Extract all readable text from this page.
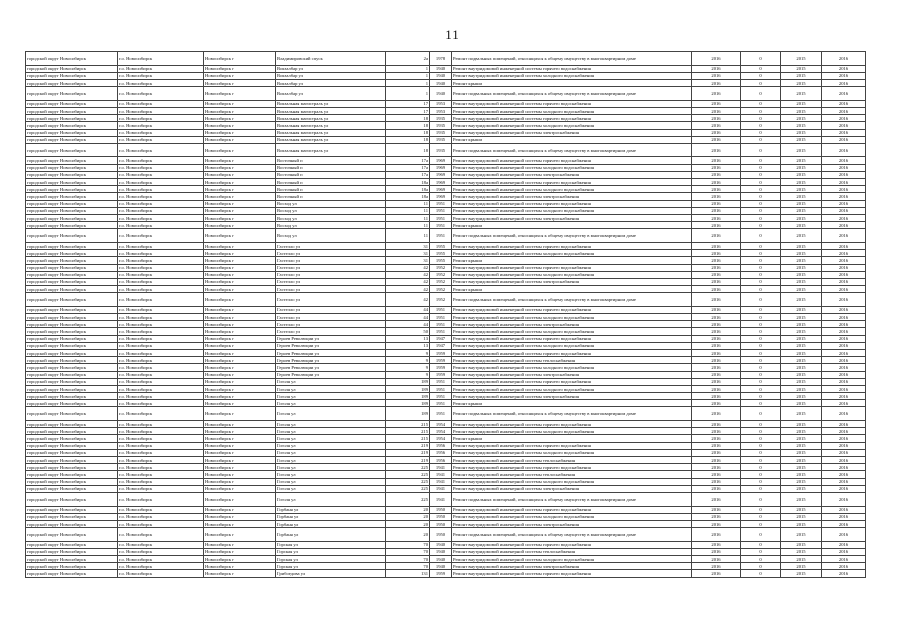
11
городской округ Новосибирск	г.о. Новосибирск	Новосибирск г	Владимировский спуск	2a	1978	Ремонт подвальных помещений, относящихся к общему имуществу в многоквартирном доме	2016	0	2015	2016
городской округ Новосибирск	г.о. Новосибирск	Новосибирск г	Вокзалбар ул	1	1940	Ремонт внутридомовой инженерной системы горячего водоснабжения	2016	0	2015	2016
городской округ Новосибирск	г.о. Новосибирск	Новосибирск г	Вокзалбар ул	1	1940	Ремонт внутридомовой инженерной системы холодного водоснабжения	2016	0	2015	2016
городской округ Новосибирск	г.о. Новосибирск	Новосибирск г	Вокзалбар ул	1	1940	Ремонт крыши	2016	0	2015	2016
городской округ Новосибирск	г.о. Новосибирск	Новосибирск г	Вокзалбар ул	1	1940	Ремонт подвальных помещений, относящихся к общему имуществу в многоквартирном доме	2016	0	2015	2016
городской округ Новосибирск	г.о. Новосибирск	Новосибирск г	Вокзальная магистраль ул	17	1953	Ремонт внутридомовой инженерной системы горячего водоснабжения	2016	0	2015	2016
городской округ Новосибирск	г.о. Новосибирск	Новосибирск г	Вокзальная магистраль ул	17	1953	Ремонт внутридомовой инженерной системы холодного водоснабжения	2016	0	2015	2016
городской округ Новосибирск	г.о. Новосибирск	Новосибирск г	Вокзальная магистраль ул	18	1935	Ремонт внутридомовой инженерной системы горячего водоснабжения	2016	0	2015	2016
городской округ Новосибирск	г.о. Новосибирск	Новосибирск г	Вокзальная магистраль ул	18	1935	Ремонт внутридомовой инженерной системы холодного водоснабжения	2016	0	2015	2016
городской округ Новосибирск	г.о. Новосибирск	Новосибирск г	Вокзальная магистраль ул	18	1935	Ремонт внутридомовой инженерной системы электроснабжения	2016	0	2015	2016
городской округ Новосибирск	г.о. Новосибирск	Новосибирск г	Вокзальная магистраль ул	18	1935	Ремонт крыши	2016	0	2015	2016
городской округ Новосибирск	г.о. Новосибирск	Новосибирск г	Вокзальная магистраль ул	18	1935	Ремонт подвальных помещений, относящихся к общему имуществу в многоквартирном доме	2016	0	2015	2016
городской округ Новосибирск	г.о. Новосибирск	Новосибирск г	Восточный п	17а	1969	Ремонт внутридомовой инженерной системы горячего водоснабжения	2016	0	2015	2016
городской округ Новосибирск	г.о. Новосибирск	Новосибирск г	Восточный п	17а	1969	Ремонт внутридомовой инженерной системы холодного водоснабжения	2016	0	2015	2016
городской округ Новосибирск	г.о. Новосибирск	Новосибирск г	Восточный п	17а	1969	Ремонт внутридомовой инженерной системы электроснабжения	2016	0	2015	2016
городской округ Новосибирск	г.о. Новосибирск	Новосибирск г	Восточный п	18а	1969	Ремонт внутридомовой инженерной системы горячего водоснабжения	2016	0	2015	2016
городской округ Новосибирск	г.о. Новосибирск	Новосибирск г	Восточный п	18а	1969	Ремонт внутридомовой инженерной системы холодного водоснабжения	2016	0	2015	2016
городской округ Новосибирск	г.о. Новосибирск	Новосибирск г	Восточный п	18а	1969	Ремонт внутридомовой инженерной системы электроснабжения	2016	0	2015	2016
городской округ Новосибирск	г.о. Новосибирск	Новосибирск г	Восход ул	11	1951	Ремонт внутридомовой инженерной системы горячего водоснабжения	2016	0	2015	2016
городской округ Новосибирск	г.о. Новосибирск	Новосибирск г	Восход ул	11	1951	Ремонт внутридомовой инженерной системы холодного водоснабжения	2016	0	2015	2016
городской округ Новосибирск	г.о. Новосибирск	Новосибирск г	Восход ул	11	1951	Ремонт внутридомовой инженерной системы электроснабжения	2016	0	2015	2016
городской округ Новосибирск	г.о. Новосибирск	Новосибирск г	Восход ул	11	1951	Ремонт крыши	2016	0	2015	2016
городской округ Новосибирск	г.о. Новосибирск	Новосибирск г	Восход ул	11	1951	Ремонт подвальных помещений, относящихся к общему имуществу в многоквартирном доме	2016	0	2015	2016
городской округ Новосибирск	г.о. Новосибирск	Новосибирск г	Гастелло ул	31	1955	Ремонт внутридомовой инженерной системы горячего водоснабжения	2016	0	2015	2016
городской округ Новосибирск	г.о. Новосибирск	Новосибирск г	Гастелло ул	31	1955	Ремонт внутридомовой инженерной системы холодного водоснабжения	2016	0	2015	2016
городской округ Новосибирск	г.о. Новосибирск	Новосибирск г	Гастелло ул	31	1955	Ремонт крыши	2016	0	2015	2016
городской округ Новосибирск	г.о. Новосибирск	Новосибирск г	Гастелло ул	42	1952	Ремонт внутридомовой инженерной системы горячего водоснабжения	2016	0	2015	2016
городской округ Новосибирск	г.о. Новосибирск	Новосибирск г	Гастелло ул	42	1952	Ремонт внутридомовой инженерной системы холодного водоснабжения	2016	0	2015	2016
городской округ Новосибирск	г.о. Новосибирск	Новосибирск г	Гастелло ул	42	1952	Ремонт внутридомовой инженерной системы электроснабжения	2016	0	2015	2016
городской округ Новосибирск	г.о. Новосибирск	Новосибирск г	Гастелло ул	42	1952	Ремонт крыши	2016	0	2015	2016
городской округ Новосибирск	г.о. Новосибирск	Новосибирск г	Гастелло ул	42	1952	Ремонт подвальных помещений, относящихся к общему имуществу в многоквартирном доме	2016	0	2015	2016
городской округ Новосибирск	г.о. Новосибирск	Новосибирск г	Гастелло ул	44	1951	Ремонт внутридомовой инженерной системы горячего водоснабжения	2016	0	2015	2016
городской округ Новосибирск	г.о. Новосибирск	Новосибирск г	Гастелло ул	44	1951	Ремонт внутридомовой инженерной системы холодного водоснабжения	2016	0	2015	2016
городской округ Новосибирск	г.о. Новосибирск	Новосибирск г	Гастелло ул	44	1951	Ремонт внутридомовой инженерной системы электроснабжения	2016	0	2015	2016
городской округ Новосибирск	г.о. Новосибирск	Новосибирск г	Гастелло ул	50	1951	Ремонт внутридомовой инженерной системы холодного водоснабжения	2016	0	2015	2016
городской округ Новосибирск	г.о. Новосибирск	Новосибирск г	Героев Революции ул	13	1947	Ремонт внутридомовой инженерной системы горячего водоснабжения	2016	0	2015	2016
городской округ Новосибирск	г.о. Новосибирск	Новосибирск г	Героев Революции ул	13	1947	Ремонт внутридомовой инженерной системы холодного водоснабжения	2016	0	2015	2016
городской округ Новосибирск	г.о. Новосибирск	Новосибирск г	Героев Революции ул	9	1959	Ремонт внутридомовой инженерной системы горячего водоснабжения	2016	0	2015	2016
городской округ Новосибирск	г.о. Новосибирск	Новосибирск г	Героев Революции ул	9	1959	Ремонт внутридомовой инженерной системы теплоснабжения	2016	0	2015	2016
городской округ Новосибирск	г.о. Новосибирск	Новосибирск г	Героев Революции ул	9	1959	Ремонт внутридомовой инженерной системы холодного водоснабжения	2016	0	2015	2016
городской округ Новосибирск	г.о. Новосибирск	Новосибирск г	Героев Революции ул	9	1959	Ремонт внутридомовой инженерной системы электроснабжения	2016	0	2015	2016
городской округ Новосибирск	г.о. Новосибирск	Новосибирск г	Гоголя ул	189	1951	Ремонт внутридомовой инженерной системы горячего водоснабжения	2016	0	2015	2016
городской округ Новосибирск	г.о. Новосибирск	Новосибирск г	Гоголя ул	189	1951	Ремонт внутридомовой инженерной системы холодного водоснабжения	2016	0	2015	2016
городской округ Новосибирск	г.о. Новосибирск	Новосибирск г	Гоголя ул	189	1951	Ремонт внутридомовой инженерной системы электроснабжения	2016	0	2015	2016
городской округ Новосибирск	г.о. Новосибирск	Новосибирск г	Гоголя ул	189	1951	Ремонт крыши	2016	0	2015	2016
городской округ Новосибирск	г.о. Новосибирск	Новосибирск г	Гоголя ул	189	1951	Ремонт подвальных помещений, относящихся к общему имуществу в многоквартирном доме	2016	0	2015	2016
городской округ Новосибирск	г.о. Новосибирск	Новосибирск г	Гоголя ул	215	1954	Ремонт внутридомовой инженерной системы горячего водоснабжения	2016	0	2015	2016
городской округ Новосибирск	г.о. Новосибирск	Новосибирск г	Гоголя ул	215	1954	Ремонт внутридомовой инженерной системы холодного водоснабжения	2016	0	2015	2016
городской округ Новосибирск	г.о. Новосибирск	Новосибирск г	Гоголя ул	215	1954	Ремонт крыши	2016	0	2015	2016
городской округ Новосибирск	г.о. Новосибирск	Новосибирск г	Гоголя ул	219	1956	Ремонт внутридомовой инженерной системы горячего водоснабжения	2016	0	2015	2016
городской округ Новосибирск	г.о. Новосибирск	Новосибирск г	Гоголя ул	219	1956	Ремонт внутридомовой инженерной системы холодного водоснабжения	2016	0	2015	2016
городской округ Новосибирск	г.о. Новосибирск	Новосибирск г	Гоголя ул	219	1956	Ремонт внутридомовой инженерной системы теплоснабжения	2016	0	2015	2016
городской округ Новосибирск	г.о. Новосибирск	Новосибирск г	Гоголя ул	225	1941	Ремонт внутридомовой инженерной системы горячего водоснабжения	2016	0	2015	2016
городской округ Новосибирск	г.о. Новосибирск	Новосибирск г	Гоголя ул	225	1941	Ремонт внутридомовой инженерной системы теплоснабжения	2016	0	2015	2016
городской округ Новосибирск	г.о. Новосибирск	Новосибирск г	Гоголя ул	225	1941	Ремонт внутридомовой инженерной системы холодного водоснабжения	2016	0	2015	2016
городской округ Новосибирск	г.о. Новосибирск	Новосибирск г	Гоголя ул	225	1941	Ремонт внутридомовой инженерной системы электроснабжения	2016	0	2015	2016
городской округ Новосибирск	г.о. Новосибирск	Новосибирск г	Гоголя ул	225	1941	Ремонт подвальных помещений, относящихся к общему имуществу в многоквартирном доме	2016	0	2015	2016
городской округ Новосибирск	г.о. Новосибирск	Новосибирск г	Горбаня ул	20	1950	Ремонт внутридомовой инженерной системы горячего водоснабжения	2016	0	2015	2016
городской округ Новосибирск	г.о. Новосибирск	Новосибирск г	Горбаня ул	20	1950	Ремонт внутридомовой инженерной системы холодного водоснабжения	2016	0	2015	2016
городской округ Новосибирск	г.о. Новосибирск	Новосибирск г	Горбаня ул	20	1950	Ремонт внутридомовой инженерной системы электроснабжения	2016	0	2015	2016
городской округ Новосибирск	г.о. Новосибирск	Новосибирск г	Горбаня ул	20	1950	Ремонт подвальных помещений, относящихся к общему имуществу в многоквартирном доме	2016	0	2015	2016
городской округ Новосибирск	г.о. Новосибирск	Новосибирск г	Горская ул	70	1940	Ремонт внутридомовой инженерной системы горячего водоснабжения	2016	0	2015	2016
городской округ Новосибирск	г.о. Новосибирск	Новосибирск г	Горская ул	70	1940	Ремонт внутридомовой инженерной системы теплоснабжения	2016	0	2015	2016
городской округ Новосибирск	г.о. Новосибирск	Новосибирск г	Горская ул	70	1940	Ремонт внутридомовой инженерной системы холодного водоснабжения	2016	0	2015	2016
городской округ Новосибирск	г.о. Новосибирск	Новосибирск г	Горская ул	70	1940	Ремонт внутридомовой инженерной системы электроснабжения	2016	0	2015	2016
городской округ Новосибирск	г.о. Новосибирск	Новосибирск г	Грибоедова ул	131	1959	Ремонт внутридомовой инженерной системы горячего водоснабжения	2016	0	2015	2016
